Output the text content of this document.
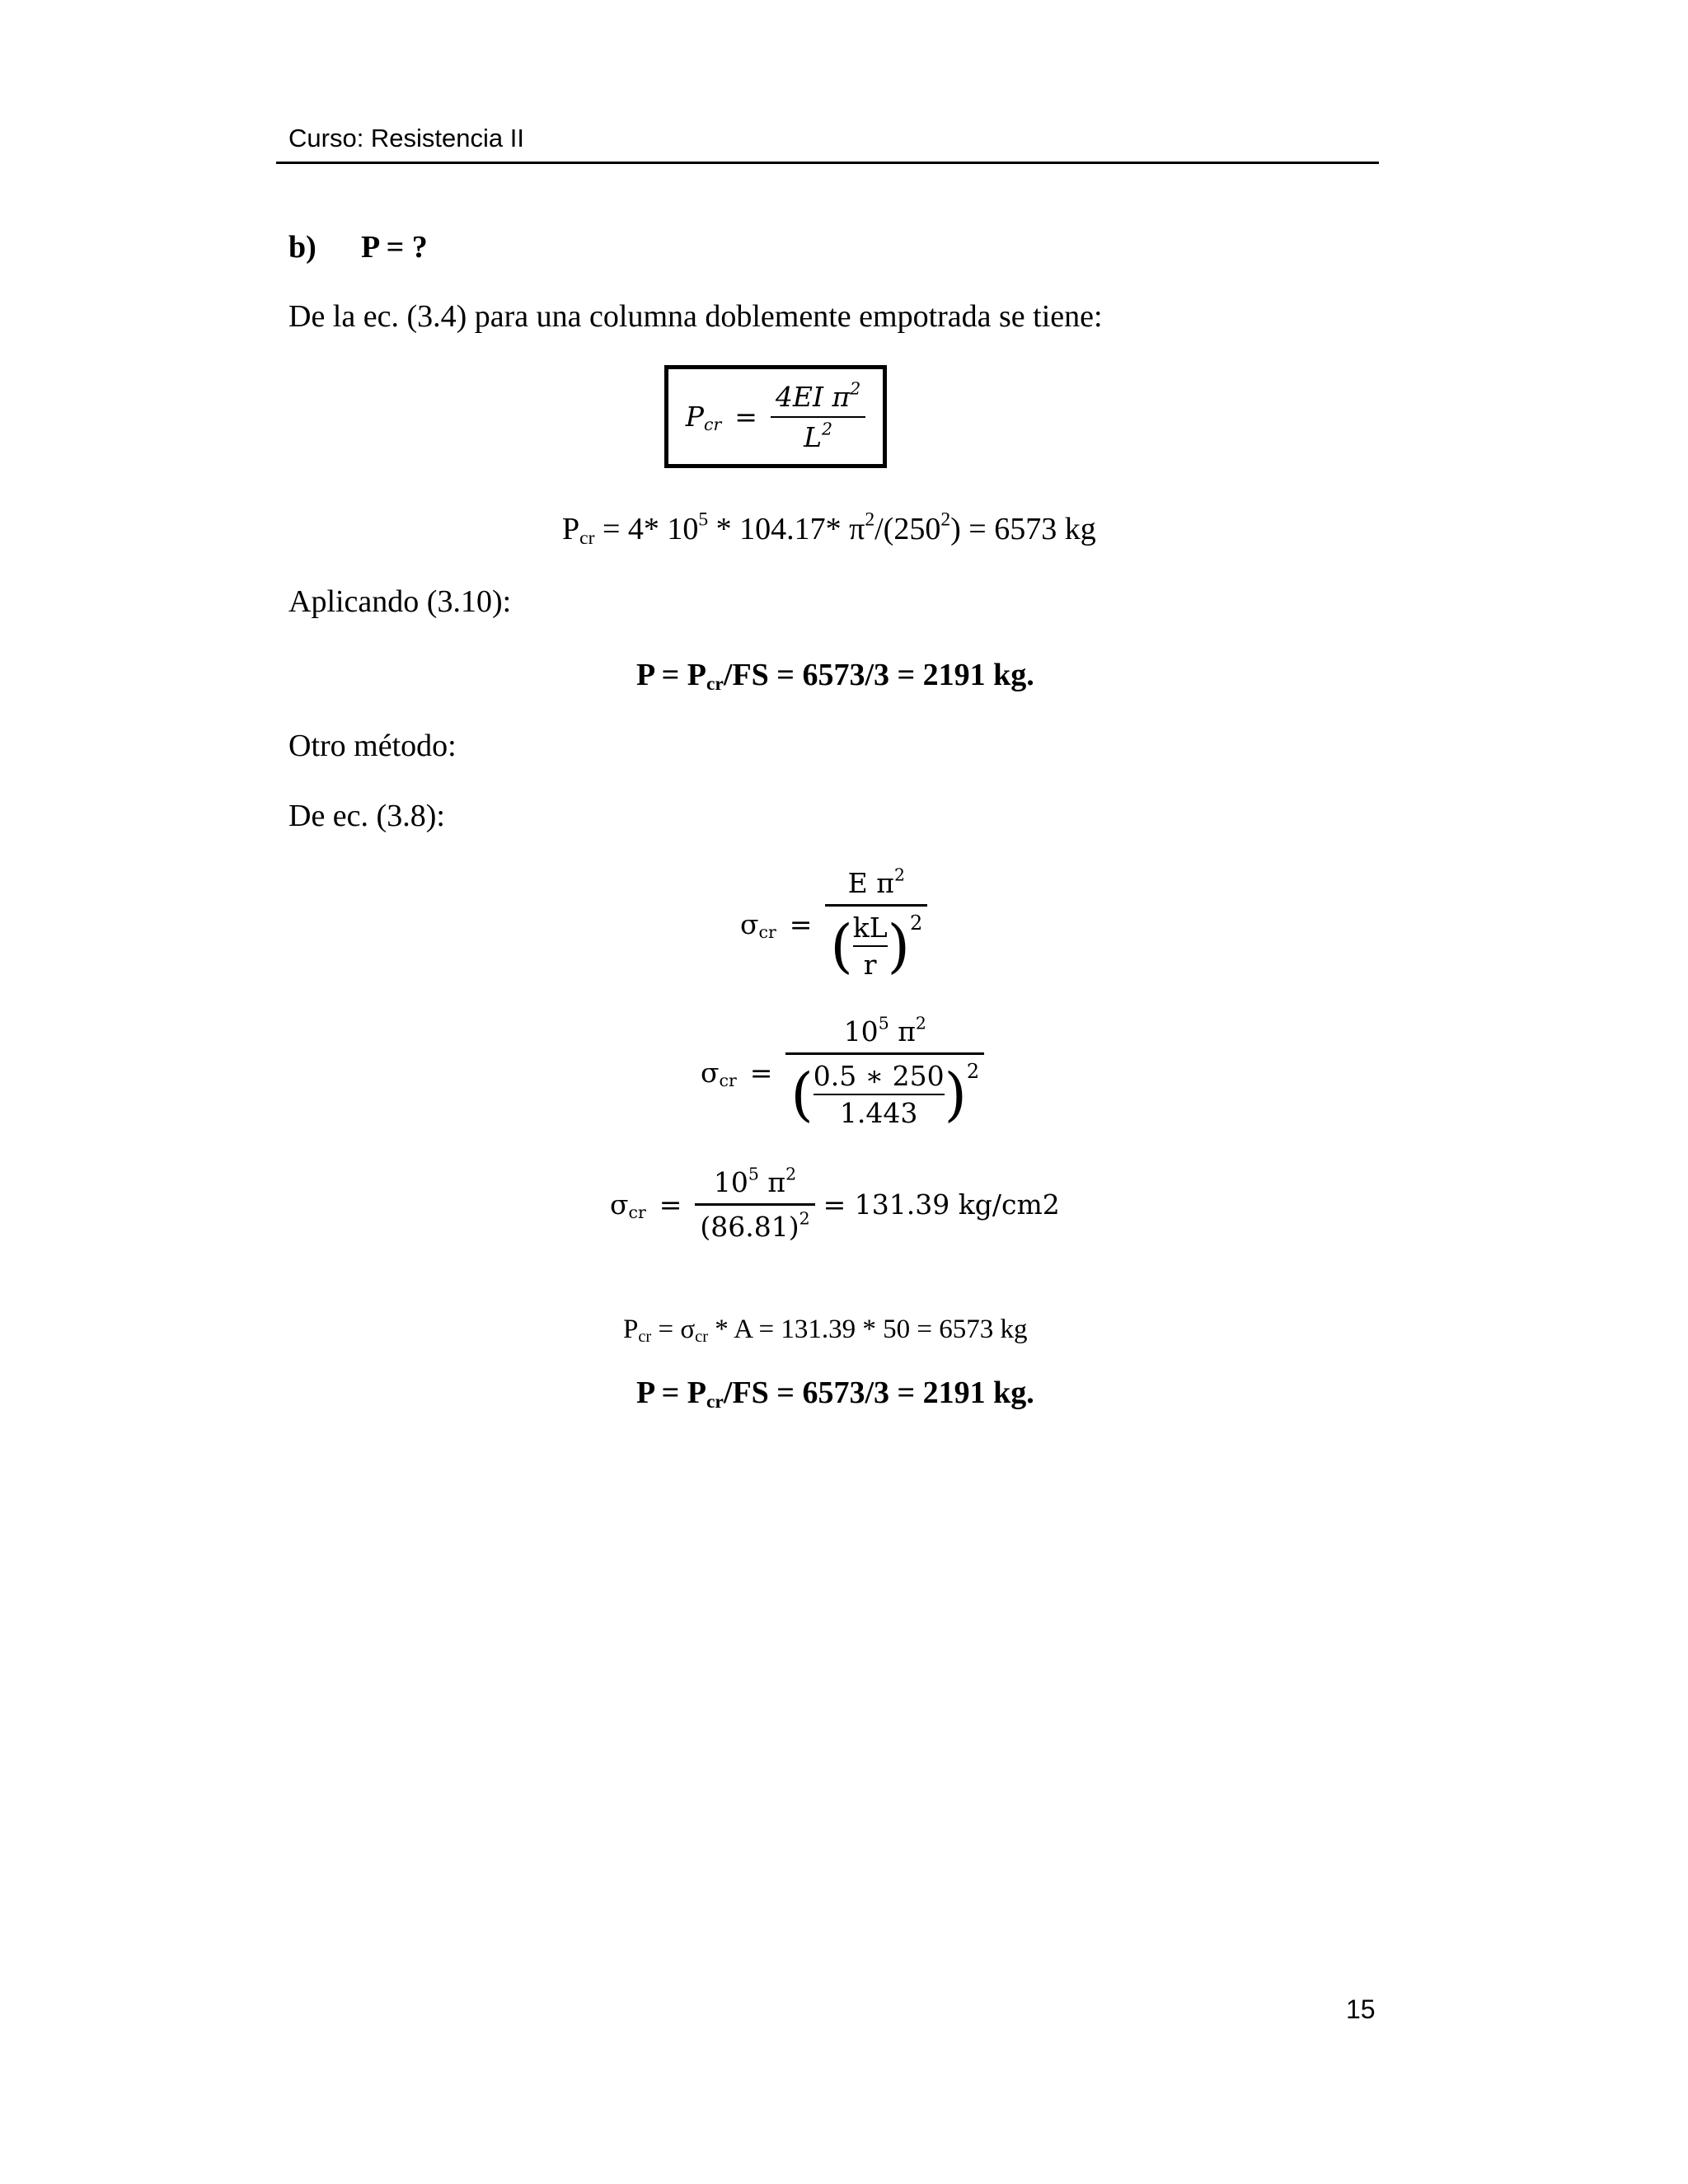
Curso: Resistencia II
b) P = ?
De la ec. (3.4) para una columna doblemente empotrada se tiene:
$P_{cr} = \frac{4EI \pi^2}{L^2}$
$P_{cr} = 4*$ $10^5 * 104.17*$ $\pi^2/(250^2) = 6573$ kg
Aplicando (3.10):
$P = P_{cr}/FS = 6573/3 = 2191$ kg.
Otro método:
De ec. (3.8):
$\sigma_{cr} = \frac{E \pi^2}{( \frac{kL}{r} ) 2}$
$\sigma_{cr} = \frac{10^5 \pi^2}{( \frac{0.5 ∗ 250}{1.443} ) 2}$
$\sigma_{cr} = \frac{10^5 \pi^2}{(86.81)^2} = 131.39$ kg/cm2
$P_{cr} = \sigma_{cr} * A = 131.39 * 50 = 6573$ kg
$P = P_{cr}/FS = 6573/3 = 2191$ kg.
15
